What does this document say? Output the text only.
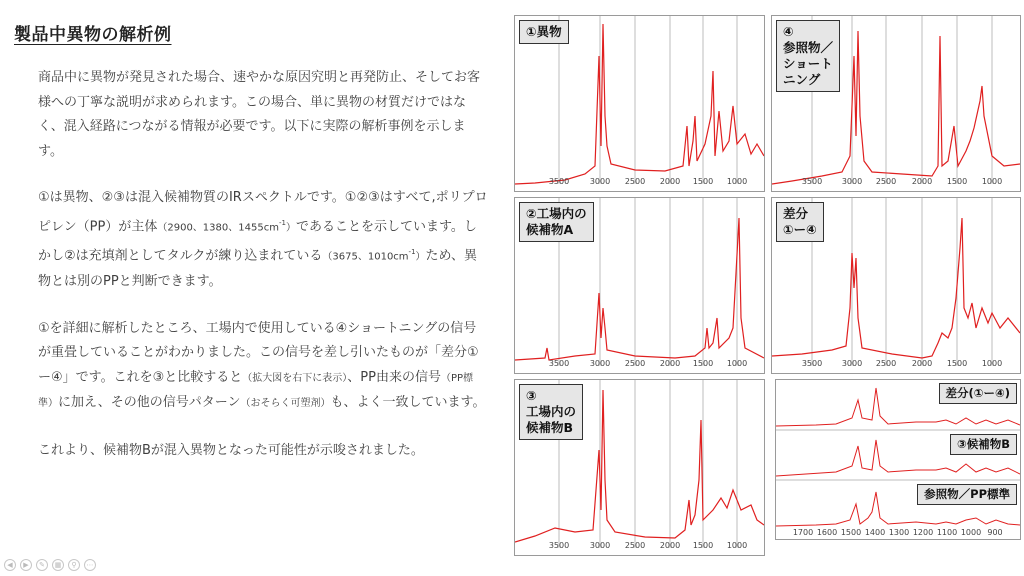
製品中異物の解析例

商品中に異物が発見された場合、速やかな原因究明と再発防止、そしてお客様への丁寧な説明が求められます。この場合、単に異物の材質だけではなく、混入経路につながる情報が必要です。以下に実際の解析事例を示します。

①は異物、②③は混入候補物質のIRスペクトルです。①②③はすべて,ポリプロピレン（PP）が主体（2900、1380、$1455cm^{-1}$）であることを示しています。しかし②は充填剤としてタルクが練り込まれている（3675、$1010cm^{-1}$）ため、異物とは別のPPと判断できます。

①を詳細に解析したところ、工場内で使用している④ショートニングの信号が重畳していることがわかりました。この信号を差し引いたものが「差分①ー④」です。これを③と比較すると（拡大図を右下に表示）、PP由来の信号（PP標準）に加え、その他の信号パターン（おそらく可塑剤）も、よく一致しています。

これより、候補物Bが混入異物となった可能性が示唆されました。

①異物
3500	3000 2500 2000 1500 1000
④
参照物／
ショート
ニング
3500 3000 2500 2000 1500 1000
②工場内の
候補物A
3500	3000 2500 2000 1500 1000
差分
①ー④
3500 3000 2500 2000 1500 1000
③
工場内の
候補物B
3500	3000 2500 2000 1500 1000
差分(①ー④)
③候補物B
参照物／PP標準
1700 1600 1500 1400 1300 1200 1100 1000 900
◀	▶	✎	▦	⚲	⋯
